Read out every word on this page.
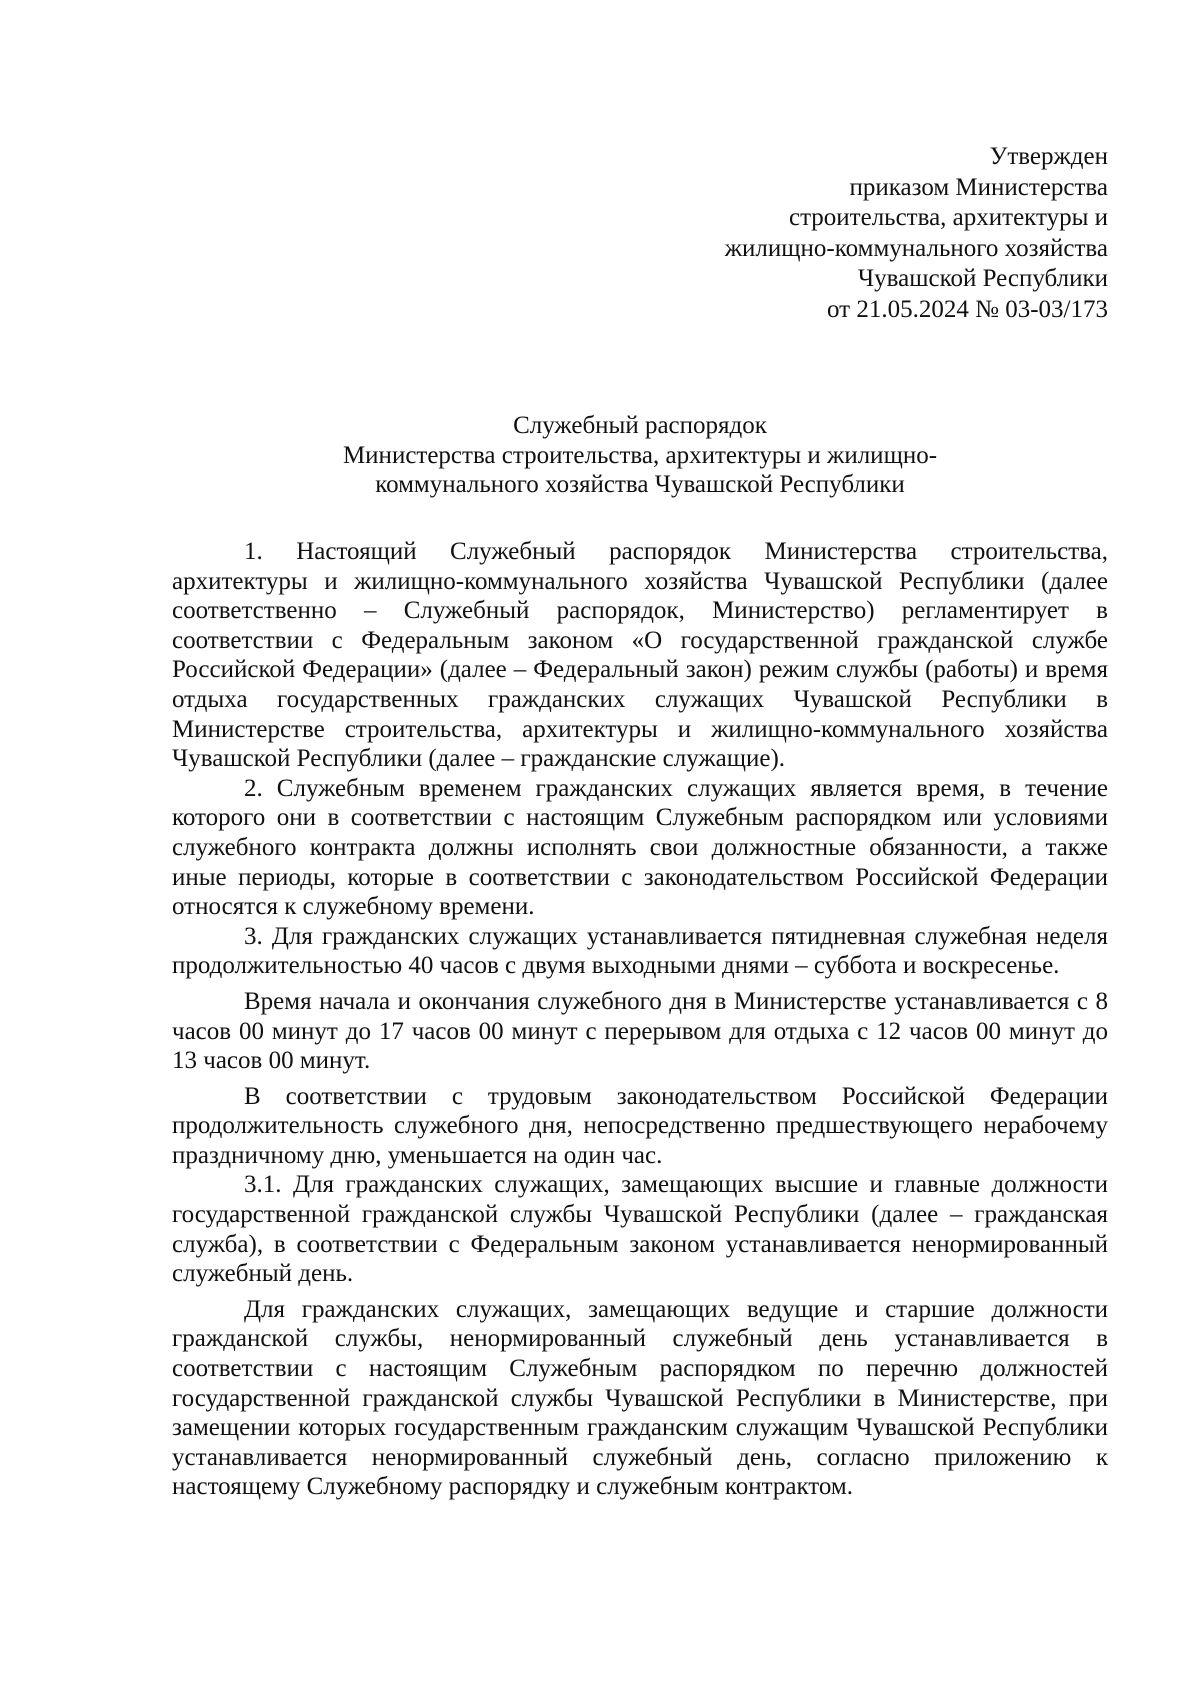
Утвержден
приказом Министерства
строительства, архитектуры и
жилищно-коммунального хозяйства
Чувашской Республики
от 21.05.2024 № 03-03/173
Служебный распорядок
Министерства строительства, архитектуры и жилищно-
коммунального хозяйства Чувашской Республики

1. Настоящий Служебный распорядок Министерства строительства, архитектуры и жилищно-коммунального хозяйства Чувашской Республики (далее соответственно – Служебный распорядок, Министерство) регламентирует в соответствии с Федеральным законом «О государственной гражданской службе Российской Федерации» (далее – Федеральный закон) режим службы (работы) и время отдыха государственных гражданских служащих Чувашской Республики в Министерстве строительства, архитектуры и жилищно-коммунального хозяйства Чувашской Республики (далее – гражданские служащие).

2. Служебным временем гражданских служащих является время, в течение которого они в соответствии с настоящим Служебным распорядком или условиями служебного контракта должны исполнять свои должностные обязанности, а также иные периоды, которые в соответствии с законодательством Российской Федерации относятся к служебному времени.

3. Для гражданских служащих устанавливается пятидневная служебная неделя продолжительностью 40 часов с двумя выходными днями – суббота и воскресенье.

Время начала и окончания служебного дня в Министерстве устанавливается с 8 часов 00 минут до 17 часов 00 минут с перерывом для отдыха с 12 часов 00 минут до 13 часов 00 минут.

В соответствии с трудовым законодательством Российской Федерации продолжительность служебного дня, непосредственно предшествующего нерабочему праздничному дню, уменьшается на один час.

3.1. Для гражданских служащих, замещающих высшие и главные должности государственной гражданской службы Чувашской Республики (далее – гражданская служба), в соответствии с Федеральным законом устанавливается ненормированный служебный день.

Для гражданских служащих, замещающих ведущие и старшие должности гражданской службы, ненормированный служебный день устанавливается в соответствии с настоящим Служебным распорядком по перечню должностей государственной гражданской службы Чувашской Республики в Министерстве, при замещении которых государственным гражданским служащим Чувашской Республики устанавливается ненормированный служебный день, согласно приложению к настоящему Служебному распорядку и служебным контрактом.
